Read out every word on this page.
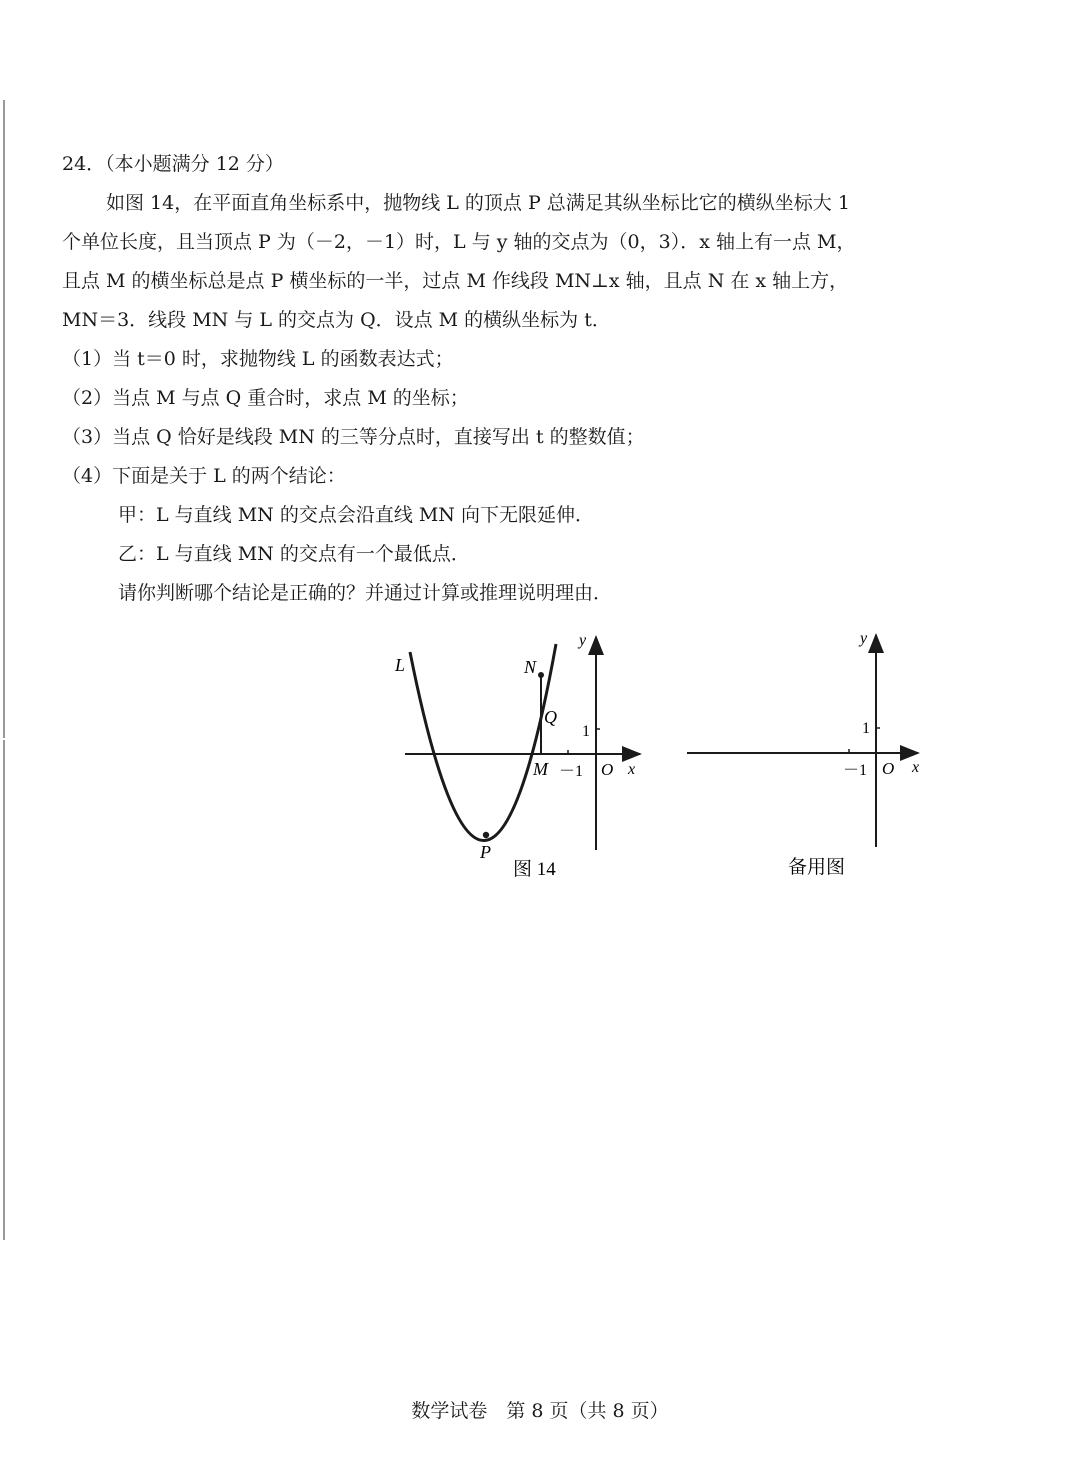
24．（本小题满分 12 分）
如图 14，在平面直角坐标系中，抛物线 L 的顶点 P 总满足其纵坐标比它的横纵坐标大 1
个单位长度，且当顶点 P 为（－2，－1）时，L 与 y 轴的交点为（0，3）．x 轴上有一点 M，
且点 M 的横坐标总是点 P 横坐标的一半，过点 M 作线段 MN⊥x 轴，且点 N 在 x 轴上方，
MN＝3．线段 MN 与 L 的交点为 Q．设点 M 的横纵坐标为 t．
（1）当 t＝0 时，求抛物线 L 的函数表达式；
（2）当点 M 与点 Q 重合时，求点 M 的坐标；
（3）当点 Q 恰好是线段 MN 的三等分点时，直接写出 t 的整数值；
（4）下面是关于 L 的两个结论：
甲：L 与直线 MN 的交点会沿直线 MN 向下无限延伸．
乙：L 与直线 MN 的交点有一个最低点．
请你判断哪个结论是正确的？并通过计算或推理说明理由．
L	N
Q
M
P
y
x
O
1
－1
图 14
y
x
O
1
－1
备用图
数学试卷　第 8 页（共 8 页）
